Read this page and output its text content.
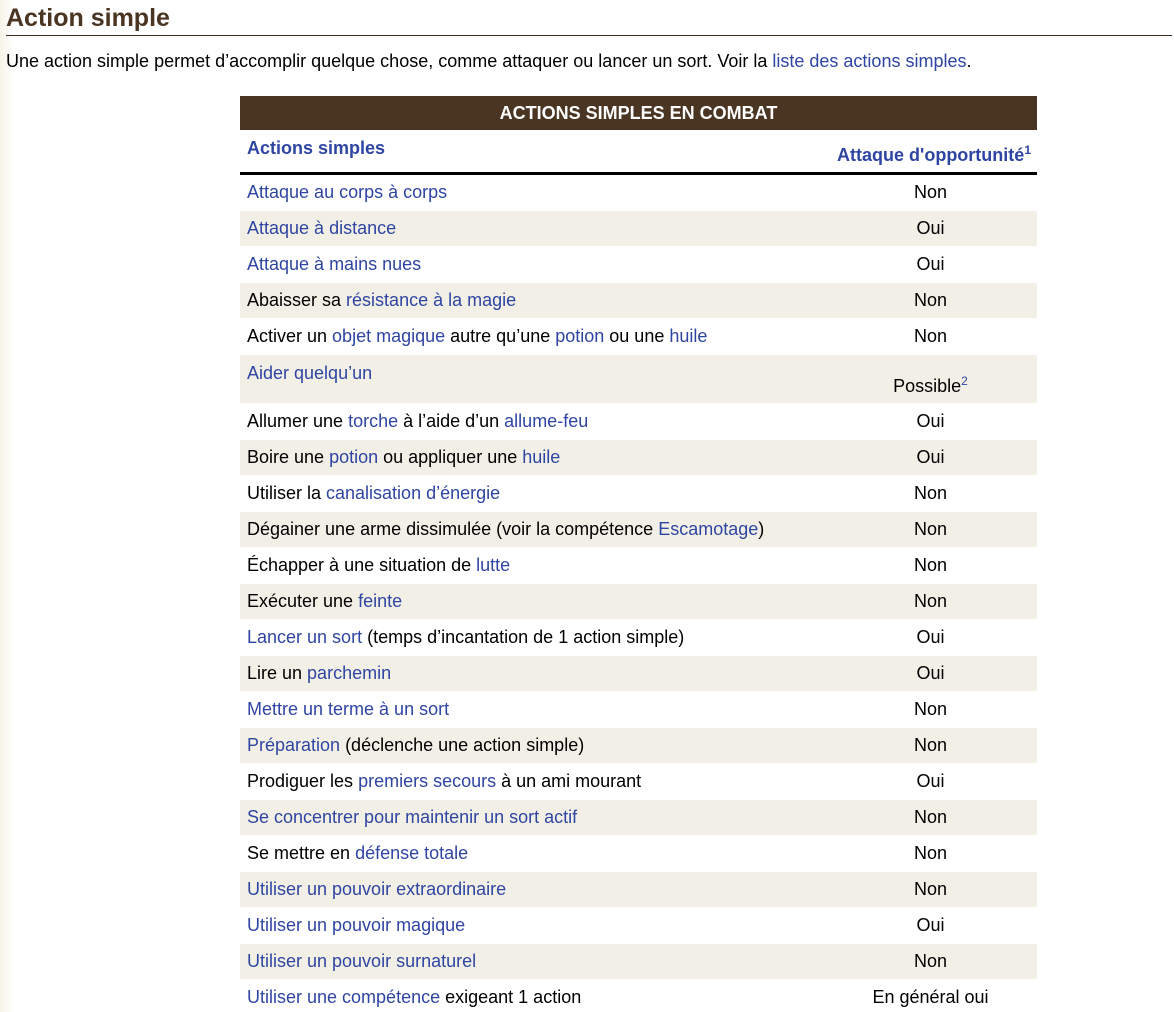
Action simple

Une action simple permet d’accomplir quelque chose, comme attaquer ou lancer un sort. Voir la liste des actions simples.

ACTIONS SIMPLES EN COMBAT
Actions simples	Attaque d'opportunité$^1$
Attaque au corps à corps	Non
Attaque à distance	Oui
Attaque à mains nues	Oui
Abaisser sa résistance à la magie	Non
Activer un objet magique autre qu’une potion ou une huile	Non
Aider quelqu’un	Possible$^2$
Allumer une torche à l’aide d’un allume-feu	Oui
Boire une potion ou appliquer une huile	Oui
Utiliser la canalisation d’énergie	Non
Dégainer une arme dissimulée (voir la compétence Escamotage)	Non
Échapper à une situation de lutte	Non
Exécuter une feinte	Non
Lancer un sort (temps d’incantation de 1 action simple)	Oui
Lire un parchemin	Oui
Mettre un terme à un sort	Non
Préparation (déclenche une action simple)	Non
Prodiguer les premiers secours à un ami mourant	Oui
Se concentrer pour maintenir un sort actif	Non
Se mettre en défense totale	Non
Utiliser un pouvoir extraordinaire	Non
Utiliser un pouvoir magique	Oui
Utiliser un pouvoir surnaturel	Non
Utiliser une compétence exigeant 1 action	En général oui
